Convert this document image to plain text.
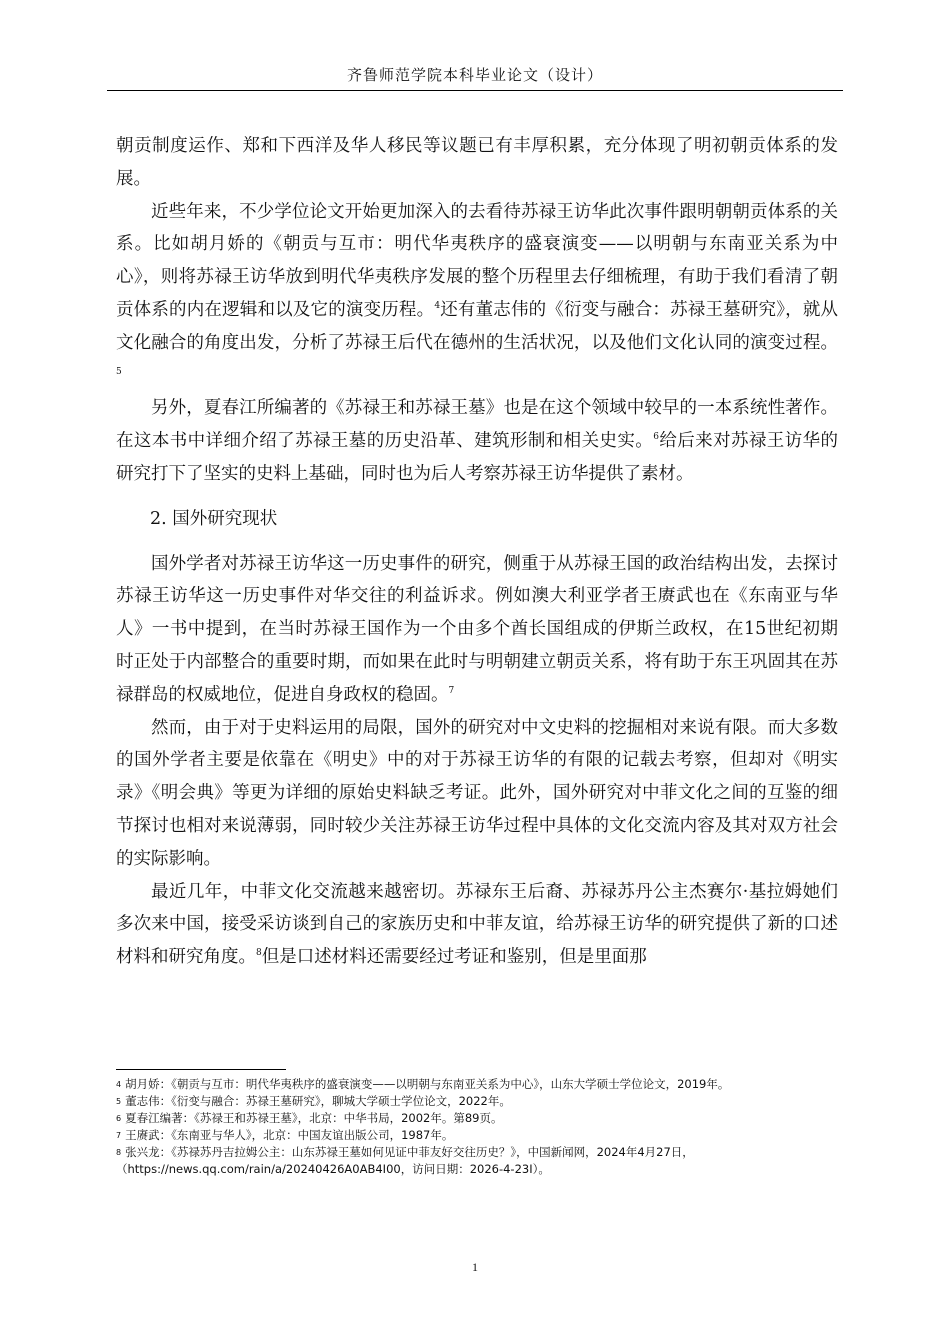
齐鲁师范学院本科毕业论文（设计）

朝贡制度运作、郑和下西洋及华人移民等议题已有丰厚积累，充分体现了明初朝贡体系的发展。

近些年来，不少学位论文开始更加深入的去看待苏禄王访华此次事件跟明朝朝贡体系的关系。比如胡月娇的《朝贡与互市：明代华夷秩序的盛衰演变——以明朝与东南亚关系为中心》，则将苏禄王访华放到明代华夷秩序发展的整个历程里去仔细梳理，有助于我们看清了朝贡体系的内在逻辑和以及它的演变历程。$^4$还有董志伟的《衍变与融合：苏禄王墓研究》，就从文化融合的角度出发，分析了苏禄王后代在德州的生活状况，以及他们文化认同的演变过程。$^5$

另外，夏春江所编著的《苏禄王和苏禄王墓》也是在这个领域中较早的一本系统性著作。在这本书中详细介绍了苏禄王墓的历史沿革、建筑形制和相关史实。$^6$给后来对苏禄王访华的研究打下了坚实的史料上基础，同时也为后人考察苏禄王访华提供了素材。

2. 国外研究现状

国外学者对苏禄王访华这一历史事件的研究，侧重于从苏禄王国的政治结构出发，去探讨苏禄王访华这一历史事件对华交往的利益诉求。例如澳大利亚学者王赓武也在《东南亚与华人》一书中提到，在当时苏禄王国作为一个由多个酋长国组成的伊斯兰政权，在15世纪初期时正处于内部整合的重要时期，而如果在此时与明朝建立朝贡关系，将有助于东王巩固其在苏禄群岛的权威地位，促进自身政权的稳固。$^7$

然而，由于对于史料运用的局限，国外的研究对中文史料的挖掘相对来说有限。而大多数的国外学者主要是依靠在《明史》中的对于苏禄王访华的有限的记载去考察，但却对《明实录》《明会典》等更为详细的原始史料缺乏考证。此外，国外研究对中菲文化之间的互鉴的细节探讨也相对来说薄弱，同时较少关注苏禄王访华过程中具体的文化交流内容及其对双方社会的实际影响。

最近几年，中菲文化交流越来越密切。苏禄东王后裔、苏禄苏丹公主杰赛尔·基拉姆她们多次来中国，接受采访谈到自己的家族历史和中菲友谊，给苏禄王访华的研究提供了新的口述材料和研究角度。$^8$但是口述材料还需要经过考证和鉴别，但是里面那

$^4$ 胡月娇：《朝贡与互市：明代华夷秩序的盛衰演变——以明朝与东南亚关系为中心》，山东大学硕士学位论文，2019年。

$^5$ 董志伟：《衍变与融合：苏禄王墓研究》，聊城大学硕士学位论文，2022年。

$^6$ 夏春江编著：《苏禄王和苏禄王墓》，北京：中华书局，2002年。第89页。

$^7$ 王赓武：《东南亚与华人》，北京：中国友谊出版公司，1987年。

$^8$ 张兴龙：《苏禄苏丹吉拉姆公主：山东苏禄王墓如何见证中菲友好交往历史？》，中国新闻网，2024年4月27日，（https://news.qq.com/rain/a/20240426A0AB4I00，访问日期：2026-4-23I）。

1
